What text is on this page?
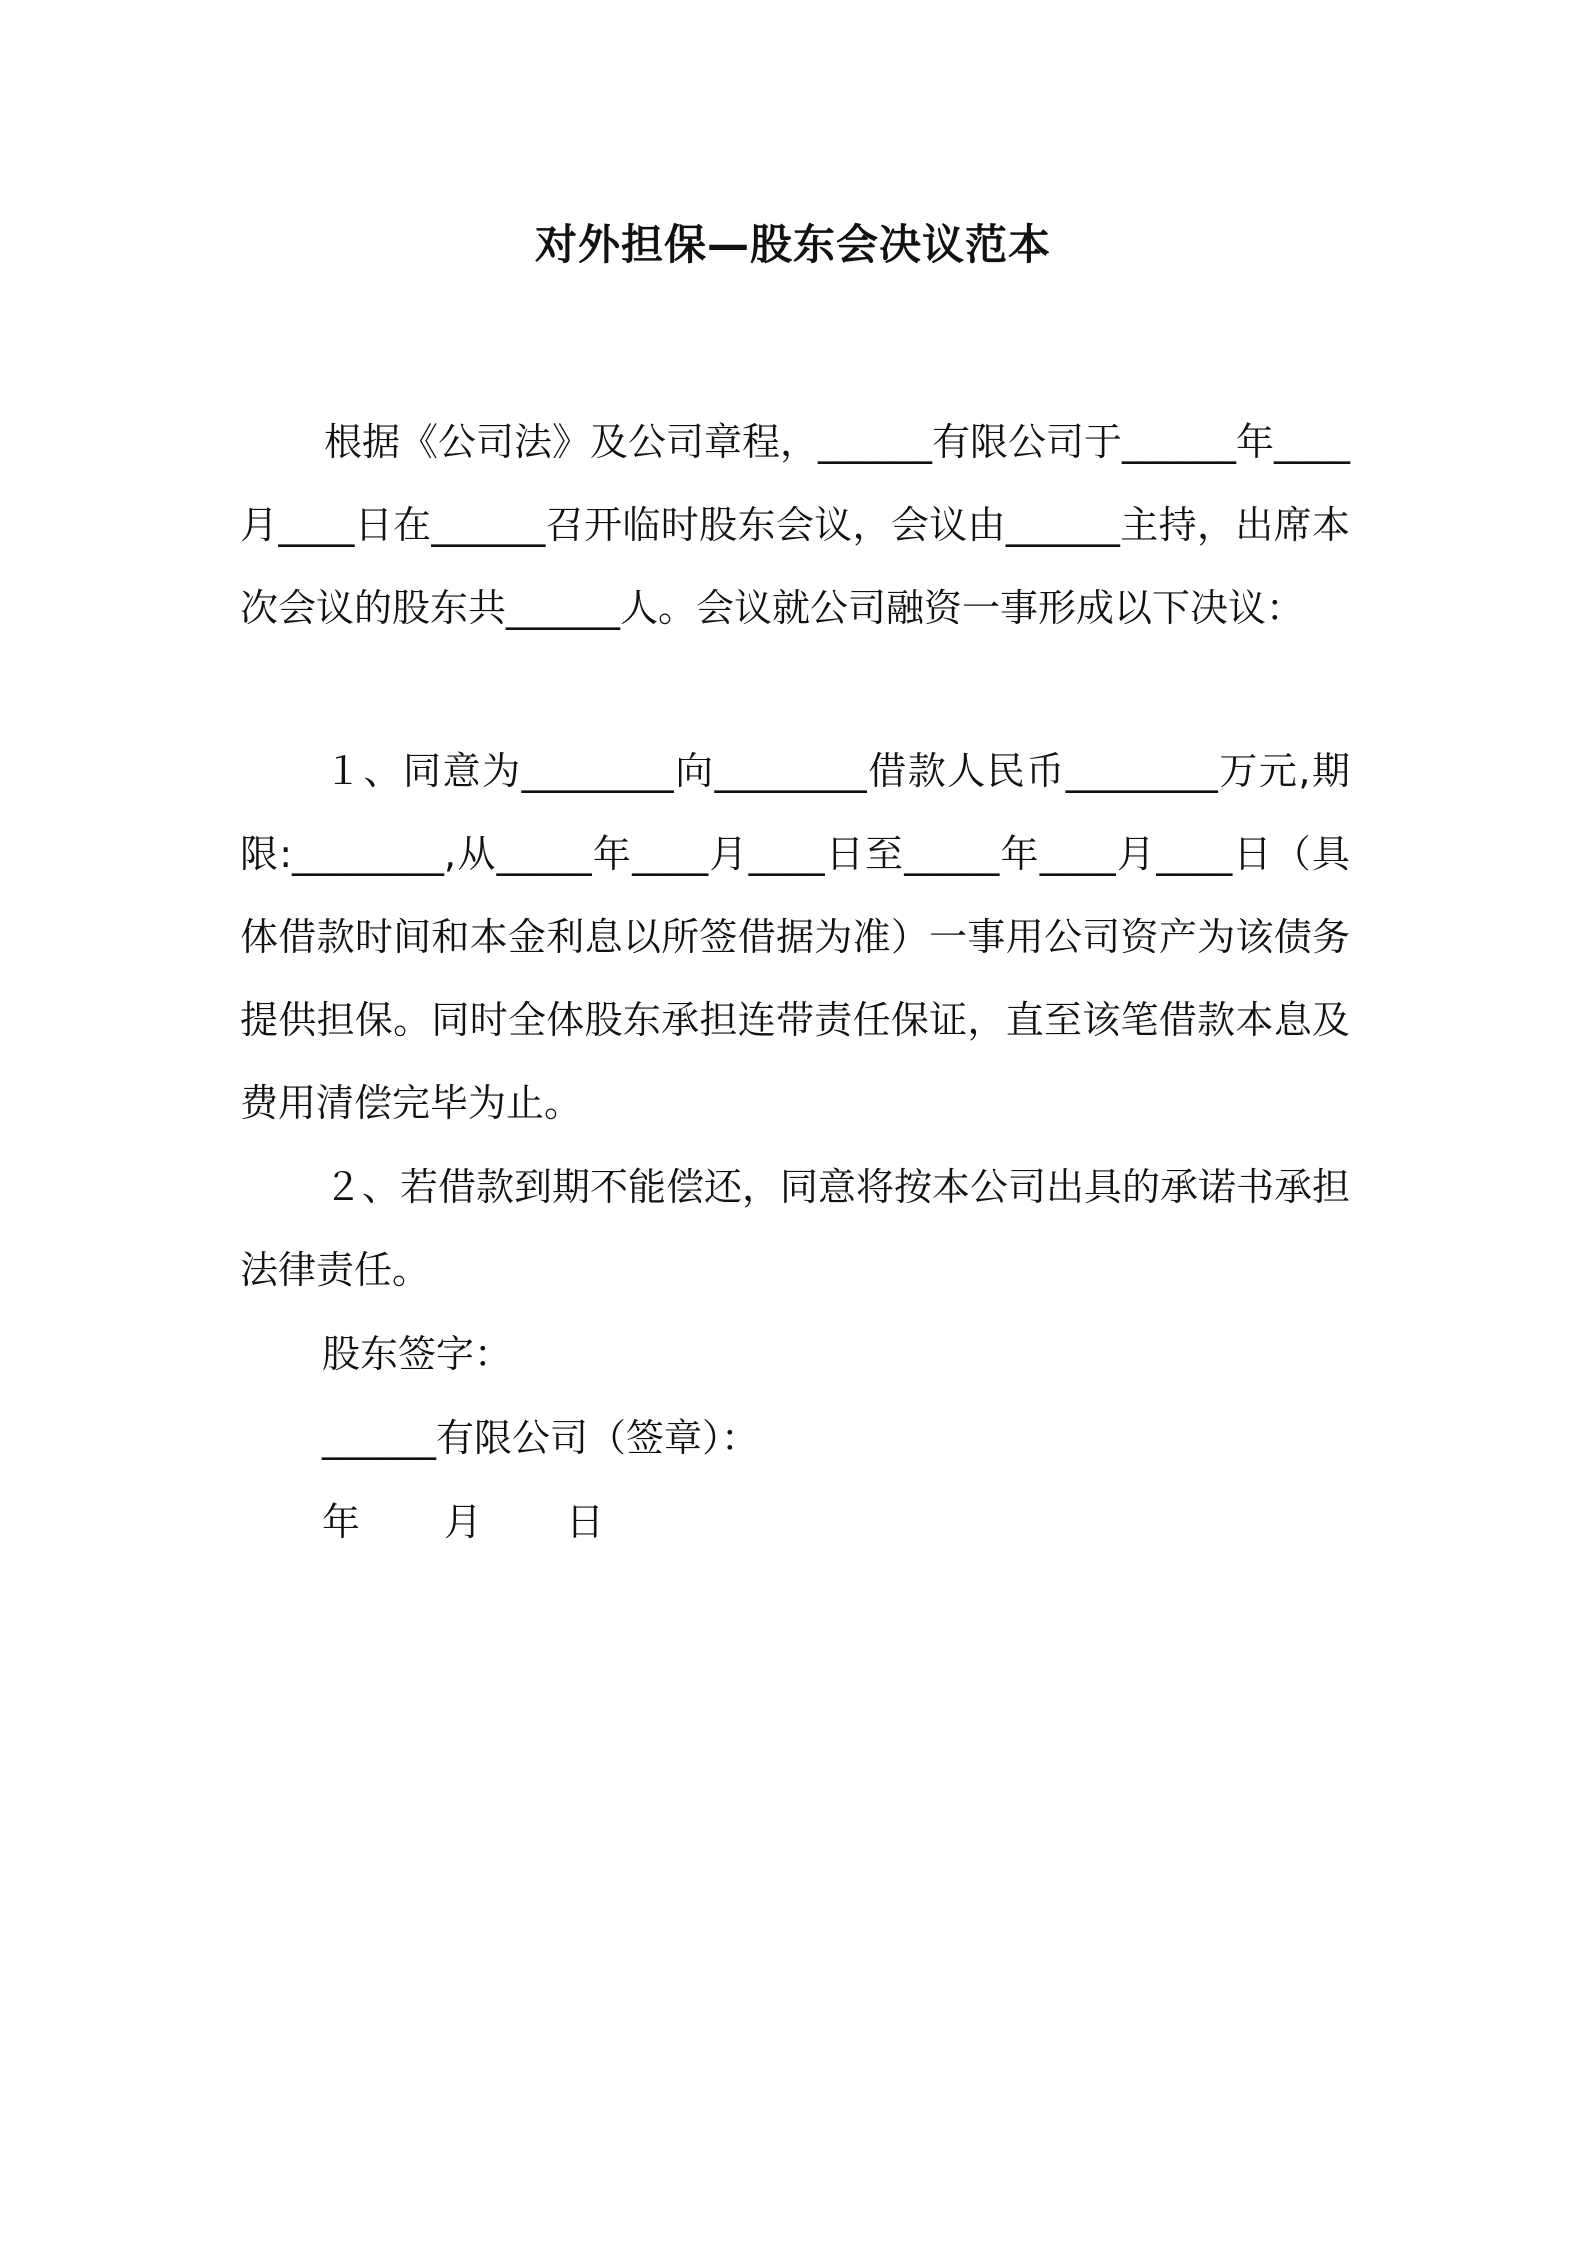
对外担保—股东会决议范本
根据《公司法》及公司章程，______有限公司于______年____月____日在______召开临时股东会议，会议由______主持，出席本次会议的股东共______人。会议就公司融资一事形成以下决议：
１、同意为________向________借款人民币________万元,期限:________,从_____年____月____日至_____年____月____日（具体借款时间和本金利息以所签借据为准）一事用公司资产为该债务提供担保。同时全体股东承担连带责任保证，直至该笔借款本息及费用清偿完毕为止。
２、若借款到期不能偿还，同意将按本公司出具的承诺书承担法律责任。
股东签字：
______有限公司（签章）：
年 月 日
